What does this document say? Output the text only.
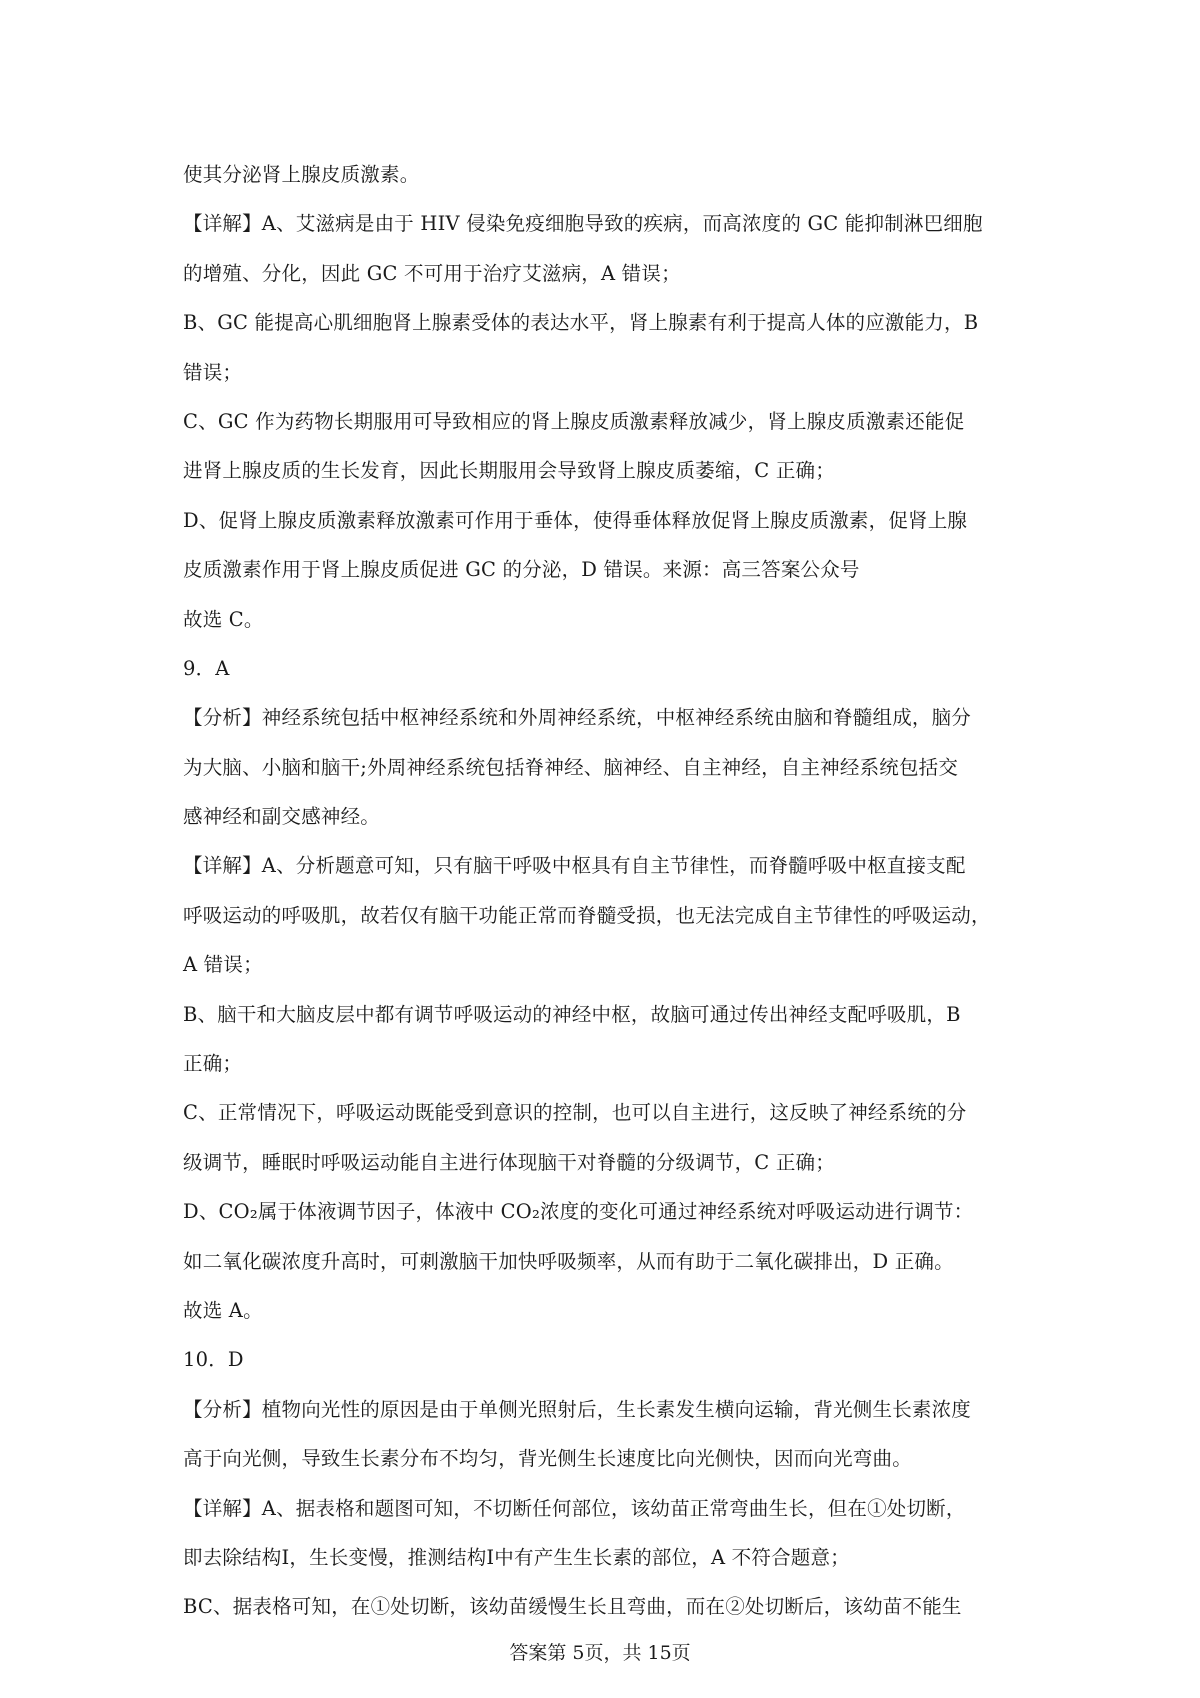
使其分泌肾上腺皮质激素。
【详解】A、艾滋病是由于 HIV 侵染免疫细胞导致的疾病，而高浓度的 GC 能抑制淋巴细胞
的增殖、分化，因此 GC 不可用于治疗艾滋病，A 错误；
B、GC 能提高心肌细胞肾上腺素受体的表达水平，肾上腺素有利于提高人体的应激能力，B
错误；
C、GC 作为药物长期服用可导致相应的肾上腺皮质激素释放减少，肾上腺皮质激素还能促
进肾上腺皮质的生长发育，因此长期服用会导致肾上腺皮质萎缩，C 正确；
D、促肾上腺皮质激素释放激素可作用于垂体，使得垂体释放促肾上腺皮质激素，促肾上腺
皮质激素作用于肾上腺皮质促进 GC 的分泌，D 错误。来源：高三答案公众号
故选 C。
9．A
【分析】神经系统包括中枢神经系统和外周神经系统，中枢神经系统由脑和脊髓组成，脑分
为大脑、小脑和脑干;外周神经系统包括脊神经、脑神经、自主神经，自主神经系统包括交
感神经和副交感神经。
【详解】A、分析题意可知，只有脑干呼吸中枢具有自主节律性，而脊髓呼吸中枢直接支配
呼吸运动的呼吸肌，故若仅有脑干功能正常而脊髓受损，也无法完成自主节律性的呼吸运动，
A 错误；
B、脑干和大脑皮层中都有调节呼吸运动的神经中枢，故脑可通过传出神经支配呼吸肌，B
正确；
C、正常情况下，呼吸运动既能受到意识的控制，也可以自主进行，这反映了神经系统的分
级调节，睡眠时呼吸运动能自主进行体现脑干对脊髓的分级调节，C 正确；
D、CO₂属于体液调节因子，体液中 CO₂浓度的变化可通过神经系统对呼吸运动进行调节：
如二氧化碳浓度升高时，可刺激脑干加快呼吸频率，从而有助于二氧化碳排出，D 正确。
故选 A。
10．D
【分析】植物向光性的原因是由于单侧光照射后，生长素发生横向运输，背光侧生长素浓度
高于向光侧，导致生长素分布不均匀，背光侧生长速度比向光侧快，因而向光弯曲。
【详解】A、据表格和题图可知，不切断任何部位，该幼苗正常弯曲生长，但在①处切断，
即去除结构I，生长变慢，推测结构I中有产生生长素的部位，A 不符合题意；
BC、据表格可知，在①处切断，该幼苗缓慢生长且弯曲，而在②处切断后，该幼苗不能生
答案第 5页，共 15页
